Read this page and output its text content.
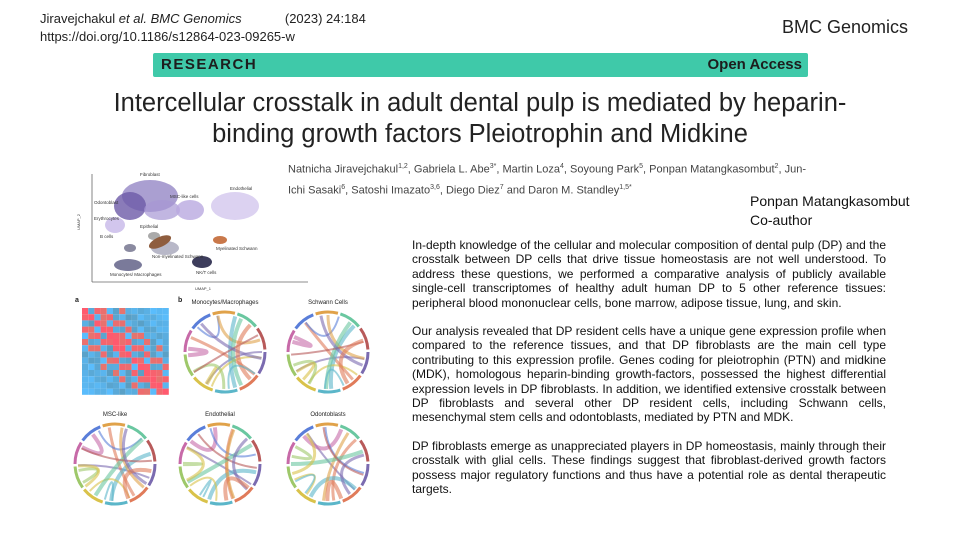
Jiravejchakul et al. BMC Genomics	(2023) 24:184
https://doi.org/10.1186/s12864-023-09265-w	BMC Genomics
RESEARCH	Open Access
Intercellular crosstalk in adult dental pulp is mediated by heparin-binding growth factors Pleiotrophin and Midkine
Natnicha Jiravejchakul$^{1,2}$, Gabriela L. Abe$^{3*}$, Martin Loza$^4$, Soyoung Park$^5$, Ponpan Matangkasombut$^2$, Jun-Ichi Sasaki$^6$, Satoshi Imazato$^{3,6}$, Diego Diez$^7$ and Daron M. Standley$^{1,5*}$
Ponpan Matangkasombut
Co-author

In-depth knowledge of the cellular and molecular composition of dental pulp (DP) and the crosstalk between DP cells that drive tissue homeostasis are not well understood. To address these questions, we performed a comparative analysis of publicly available single-cell transcriptomes of healthy adult human DP to 5 other reference tissues: peripheral blood mononuclear cells, bone marrow, adipose tissue, lung, and skin.

Our analysis revealed that DP resident cells have a unique gene expression profile when compared to the reference tissues, and that DP fibroblasts are the main cell type contributing to this expression profile. Genes coding for pleiotrophin (PTN) and midkine (MDK), homologous heparin-binding growth-factors, possessed the highest differential expression levels in DP fibroblasts. In addition, we identified extensive crosstalk between DP fibroblasts and several other DP resident cells, including Schwann cells, mesenchymal stem cells and odontoblasts, mediated by PTN and MDK.

DP fibroblasts emerge as unappreciated players in DP homeostasis, mainly through their crosstalk with glial cells. These findings suggest that fibroblast-derived growth factors possess major regulatory functions and thus have a potential role as dental therapeutic targets.

UMAP_2
UMAP_1
Fibroblast
Odontoblast
MSC-like cells
Endothelial
Erythrocytes
B cells
Epithelial
Non-myelinated Schwann
Myelinated Schwann
Monocytes/ Macrophages	NK/T cells
a	b Monocytes/Macrophages	Schwann Cells
MSC-like	Endothelial	Odontoblasts
